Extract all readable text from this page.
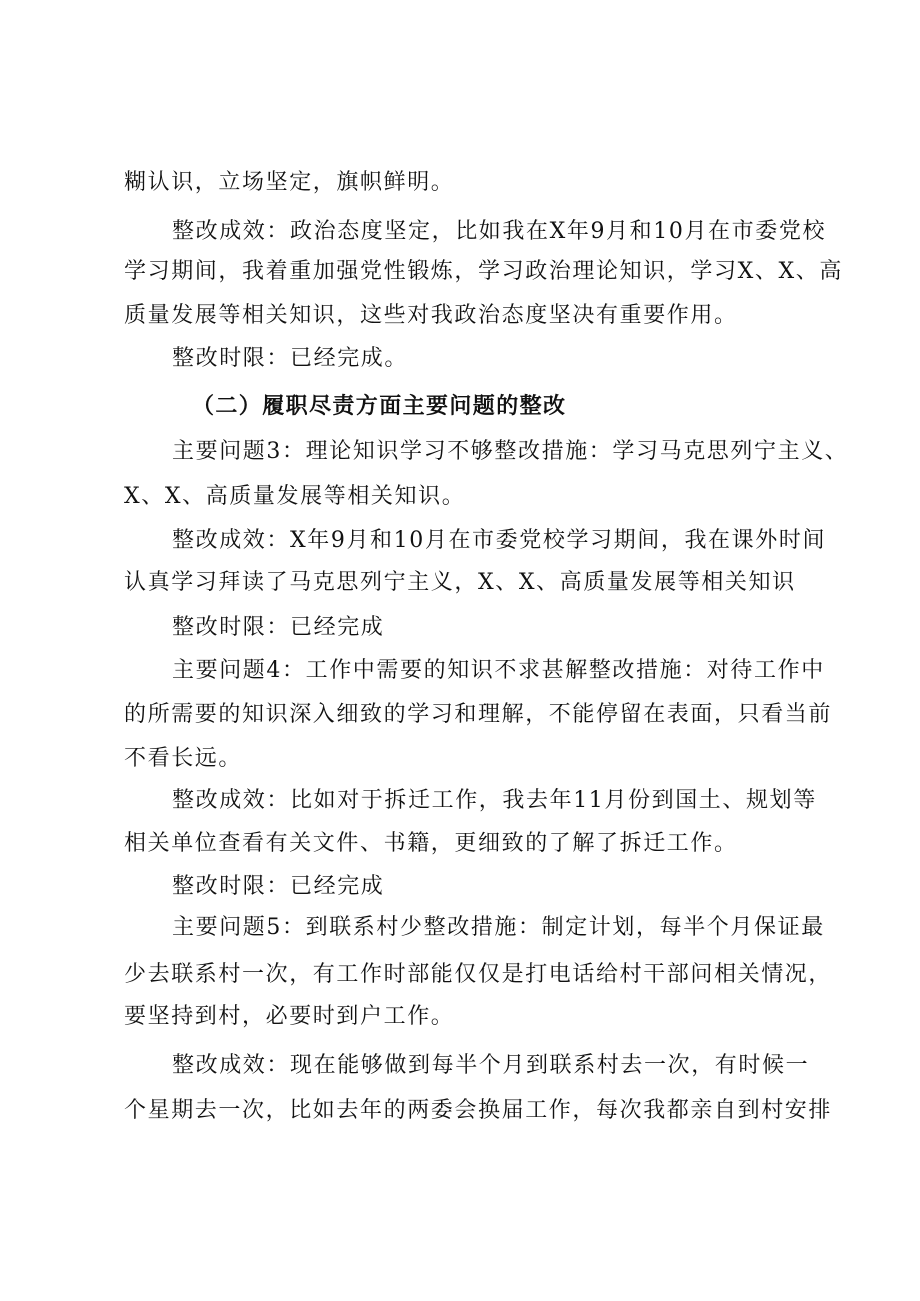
糊认识，立场坚定，旗帜鲜明。
整改成效：政治态度坚定，比如我在X年9月和10月在市委党校
学习期间，我着重加强党性锻炼，学习政治理论知识，学习X、X、高
质量发展等相关知识，这些对我政治态度坚决有重要作用。
整改时限：已经完成。
（二）履职尽责方面主要问题的整改
主要问题3：理论知识学习不够整改措施：学习马克思列宁主义、
X、X、高质量发展等相关知识。
整改成效：X年9月和10月在市委党校学习期间，我在课外时间
认真学习拜读了马克思列宁主义，X、X、高质量发展等相关知识
整改时限：已经完成
主要问题4：工作中需要的知识不求甚解整改措施：对待工作中
的所需要的知识深入细致的学习和理解，不能停留在表面，只看当前
不看长远。
整改成效：比如对于拆迁工作，我去年11月份到国土、规划等
相关单位查看有关文件、书籍，更细致的了解了拆迁工作。
整改时限：已经完成
主要问题5：到联系村少整改措施：制定计划，每半个月保证最
少去联系村一次，有工作时部能仅仅是打电话给村干部问相关情况，
要坚持到村，必要时到户工作。
整改成效：现在能够做到每半个月到联系村去一次，有时候一
个星期去一次，比如去年的两委会换届工作，每次我都亲自到村安排
